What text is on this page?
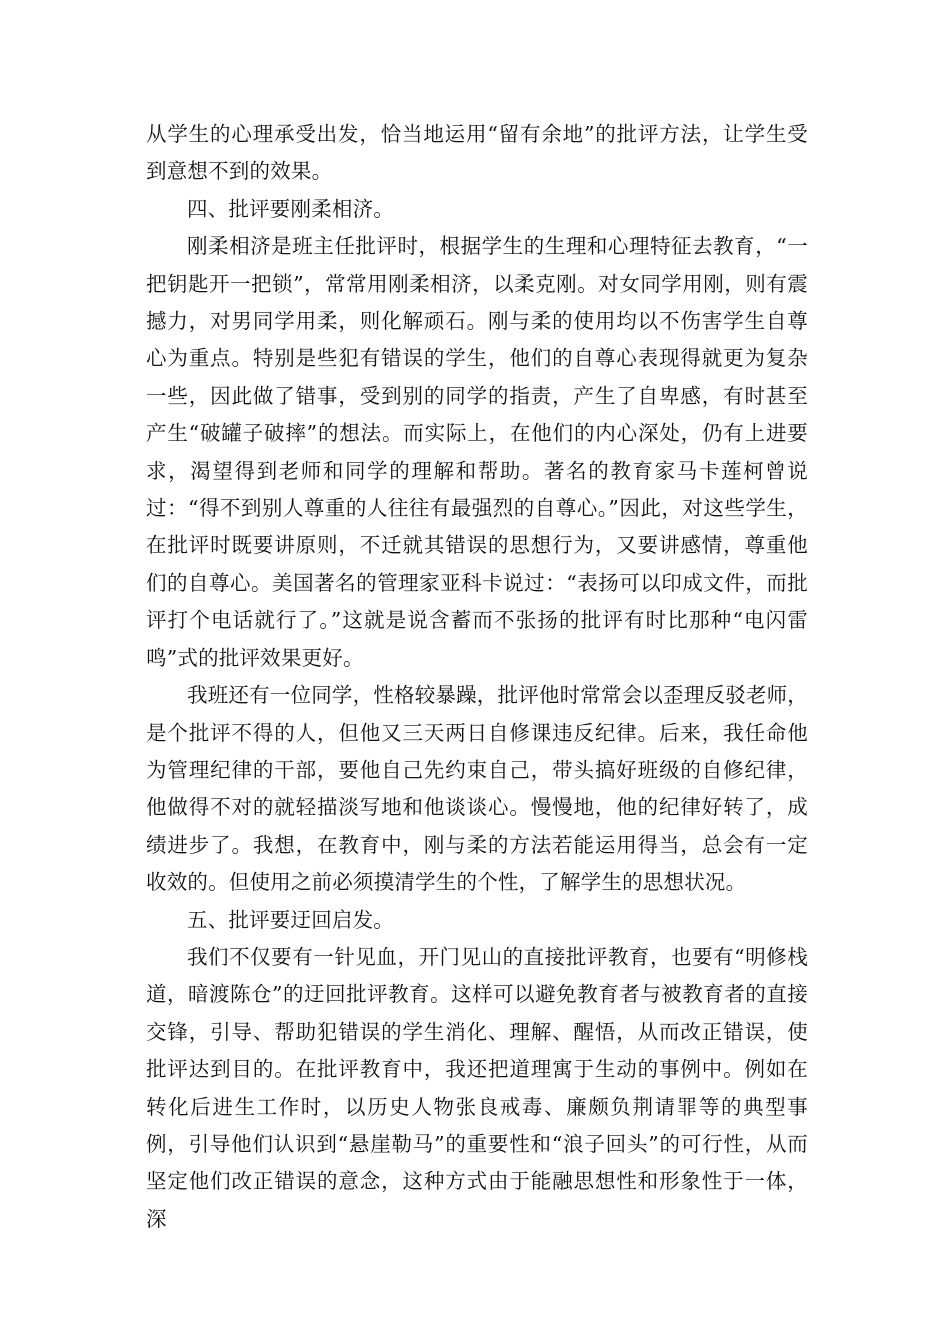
从学生的心理承受出发，恰当地运用“留有余地”的批评方法，让学生受到意想不到的效果。

四、批评要刚柔相济。

刚柔相济是班主任批评时，根据学生的生理和心理特征去教育，“一把钥匙开一把锁”，常常用刚柔相济，以柔克刚。对女同学用刚，则有震撼力，对男同学用柔，则化解顽石。刚与柔的使用均以不伤害学生自尊心为重点。特别是些犯有错误的学生，他们的自尊心表现得就更为复杂一些，因此做了错事，受到别的同学的指责，产生了自卑感，有时甚至产生“破罐子破摔”的想法。而实际上，在他们的内心深处，仍有上进要求，渴望得到老师和同学的理解和帮助。著名的教育家马卡莲柯曾说过：“得不到别人尊重的人往往有最强烈的自尊心。”因此，对这些学生，在批评时既要讲原则，不迁就其错误的思想行为，又要讲感情，尊重他们的自尊心。美国著名的管理家亚科卡说过：“表扬可以印成文件，而批评打个电话就行了。”这就是说含蓄而不张扬的批评有时比那种“电闪雷鸣”式的批评效果更好。

我班还有一位同学，性格较暴躁，批评他时常常会以歪理反驳老师，是个批评不得的人，但他又三天两日自修课违反纪律。后来，我任命他为管理纪律的干部，要他自己先约束自己，带头搞好班级的自修纪律，他做得不对的就轻描淡写地和他谈谈心。慢慢地，他的纪律好转了，成绩进步了。我想，在教育中，刚与柔的方法若能运用得当，总会有一定收效的。但使用之前必须摸清学生的个性，了解学生的思想状况。

五、批评要迂回启发。

我们不仅要有一针见血，开门见山的直接批评教育，也要有“明修栈道，暗渡陈仓”的迂回批评教育。这样可以避免教育者与被教育者的直接交锋，引导、帮助犯错误的学生消化、理解、醒悟，从而改正错误，使批评达到目的。在批评教育中，我还把道理寓于生动的事例中。例如在转化后进生工作时，以历史人物张良戒毒、廉颇负荆请罪等的典型事例，引导他们认识到“悬崖勒马”的重要性和“浪子回头”的可行性，从而坚定他们改正错误的意念，这种方式由于能融思想性和形象性于一体，深
